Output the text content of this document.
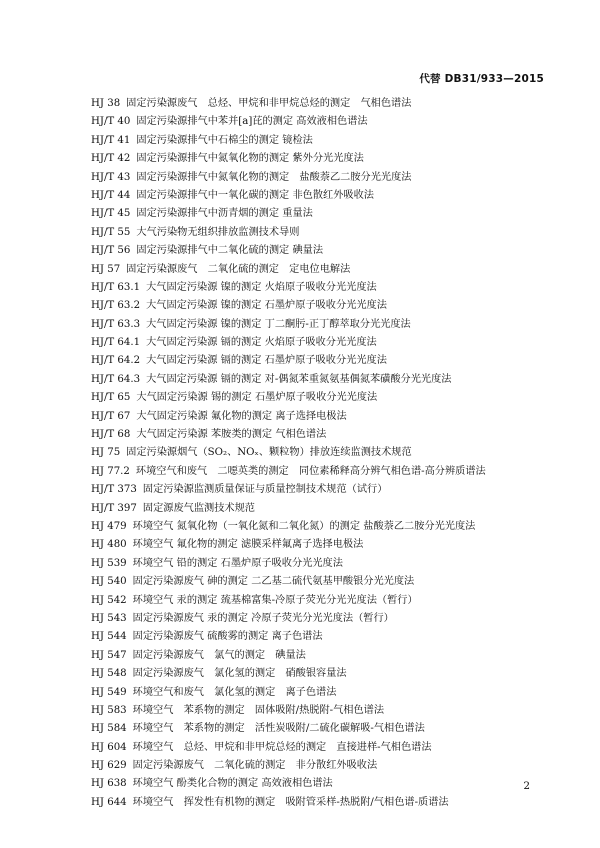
代替 DB31/933—2015
HJ 38 固定污染源废气　总烃、甲烷和非甲烷总烃的测定　气相色谱法
HJ/T 40 固定污染源排气中苯并[a]芘的测定 高效液相色谱法
HJ/T 41 固定污染源排气中石棉尘的测定 镜检法
HJ/T 42 固定污染源排气中氮氧化物的测定 紫外分光光度法
HJ/T 43 固定污染源排气中氮氧化物的测定　盐酸萘乙二胺分光光度法
HJ/T 44 固定污染源排气中一氧化碳的测定 非色散红外吸收法
HJ/T 45 固定污染源排气中沥青烟的测定 重量法
HJ/T 55 大气污染物无组织排放监测技术导则
HJ/T 56 固定污染源排气中二氧化硫的测定 碘量法
HJ 57 固定污染源废气　二氧化硫的测定　定电位电解法
HJ/T 63.1 大气固定污染源 镍的测定 火焰原子吸收分光光度法
HJ/T 63.2 大气固定污染源 镍的测定 石墨炉原子吸收分光光度法
HJ/T 63.3 大气固定污染源 镍的测定 丁二酮肟-正丁醇萃取分光光度法
HJ/T 64.1 大气固定污染源 镉的测定 火焰原子吸收分光光度法
HJ/T 64.2 大气固定污染源 镉的测定 石墨炉原子吸收分光光度法
HJ/T 64.3 大气固定污染源 镉的测定 对-偶氮苯重氮氨基偶氮苯磺酸分光光度法
HJ/T 65 大气固定污染源 锡的测定 石墨炉原子吸收分光光度法
HJ/T 67 大气固定污染源 氟化物的测定 离子选择电极法
HJ/T 68 大气固定污染源 苯胺类的测定 气相色谱法
HJ 75 固定污染源烟气（SO₂、NOₓ、颗粒物）排放连续监测技术规范
HJ 77.2 环境空气和废气　二噁英类的测定　同位素稀释高分辨气相色谱-高分辨质谱法
HJ/T 373 固定污染源监测质量保证与质量控制技术规范（试行）
HJ/T 397 固定源废气监测技术规范
HJ 479 环境空气 氮氧化物（一氧化氮和二氧化氮）的测定 盐酸萘乙二胺分光光度法
HJ 480 环境空气 氟化物的测定 滤膜采样氟离子选择电极法
HJ 539 环境空气 铅的测定 石墨炉原子吸收分光光度法
HJ 540 固定污染源废气 砷的测定 二乙基二硫代氨基甲酸银分光光度法
HJ 542 环境空气 汞的测定 巯基棉富集-冷原子荧光分光光度法（暂行）
HJ 543 固定污染源废气 汞的测定 冷原子荧光分光光度法（暂行）
HJ 544 固定污染源废气 硫酸雾的测定 离子色谱法
HJ 547 固定污染源废气　氯气的测定　碘量法
HJ 548 固定污染源废气　氯化氢的测定　硝酸银容量法
HJ 549 环境空气和废气　氯化氢的测定　离子色谱法
HJ 583 环境空气　苯系物的测定　固体吸附/热脱附-气相色谱法
HJ 584 环境空气　苯系物的测定　活性炭吸附/二硫化碳解吸-气相色谱法
HJ 604 环境空气　总烃、甲烷和非甲烷总烃的测定　直接进样-气相色谱法
HJ 629 固定污染源废气　二氧化硫的测定　非分散红外吸收法
HJ 638 环境空气 酚类化合物的测定 高效液相色谱法
HJ 644 环境空气　挥发性有机物的测定　吸附管采样-热脱附/气相色谱-质谱法
2
